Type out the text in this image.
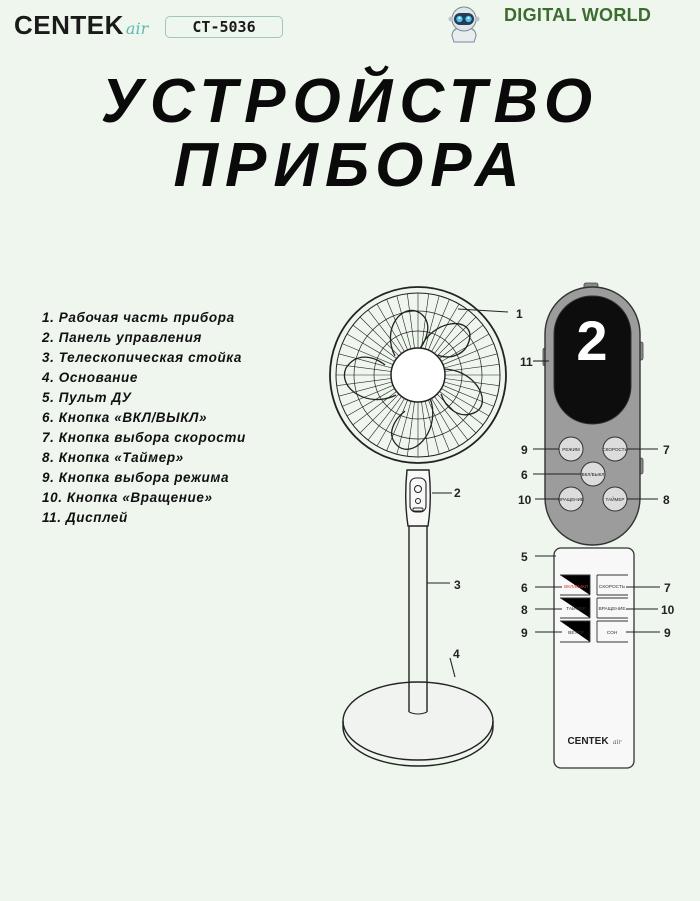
CENTEK air	CT-5036
DIGITAL WORLD
УСТРОЙСТВО
ПРИБОРА
1. Рабочая часть прибора
2. Панель управления
3. Телескопическая стойка
4. Основание
5. Пульт ДУ
6. Кнопка «ВКЛ/ВЫКЛ»
7. Кнопка выбора скорости
8. Кнопка «Таймер»
9. Кнопка выбора режима
10. Кнопка «Вращение»
11. Дисплей
1
2
3
4
2
РЕЖИМ	СКОРОСТЬ
ВКЛ/ВЫКЛ
ВРАЩЕНИЕ	ТАЙМЕР
11
9
6
10
7
8
ВКЛ/ВЫКЛ СКОРОСТЬ
ТАЙМЕР	ВРАЩЕНИЕ
ВЕТЕР	СОН
CENTEK air
5
6
8
9
7
10
9
